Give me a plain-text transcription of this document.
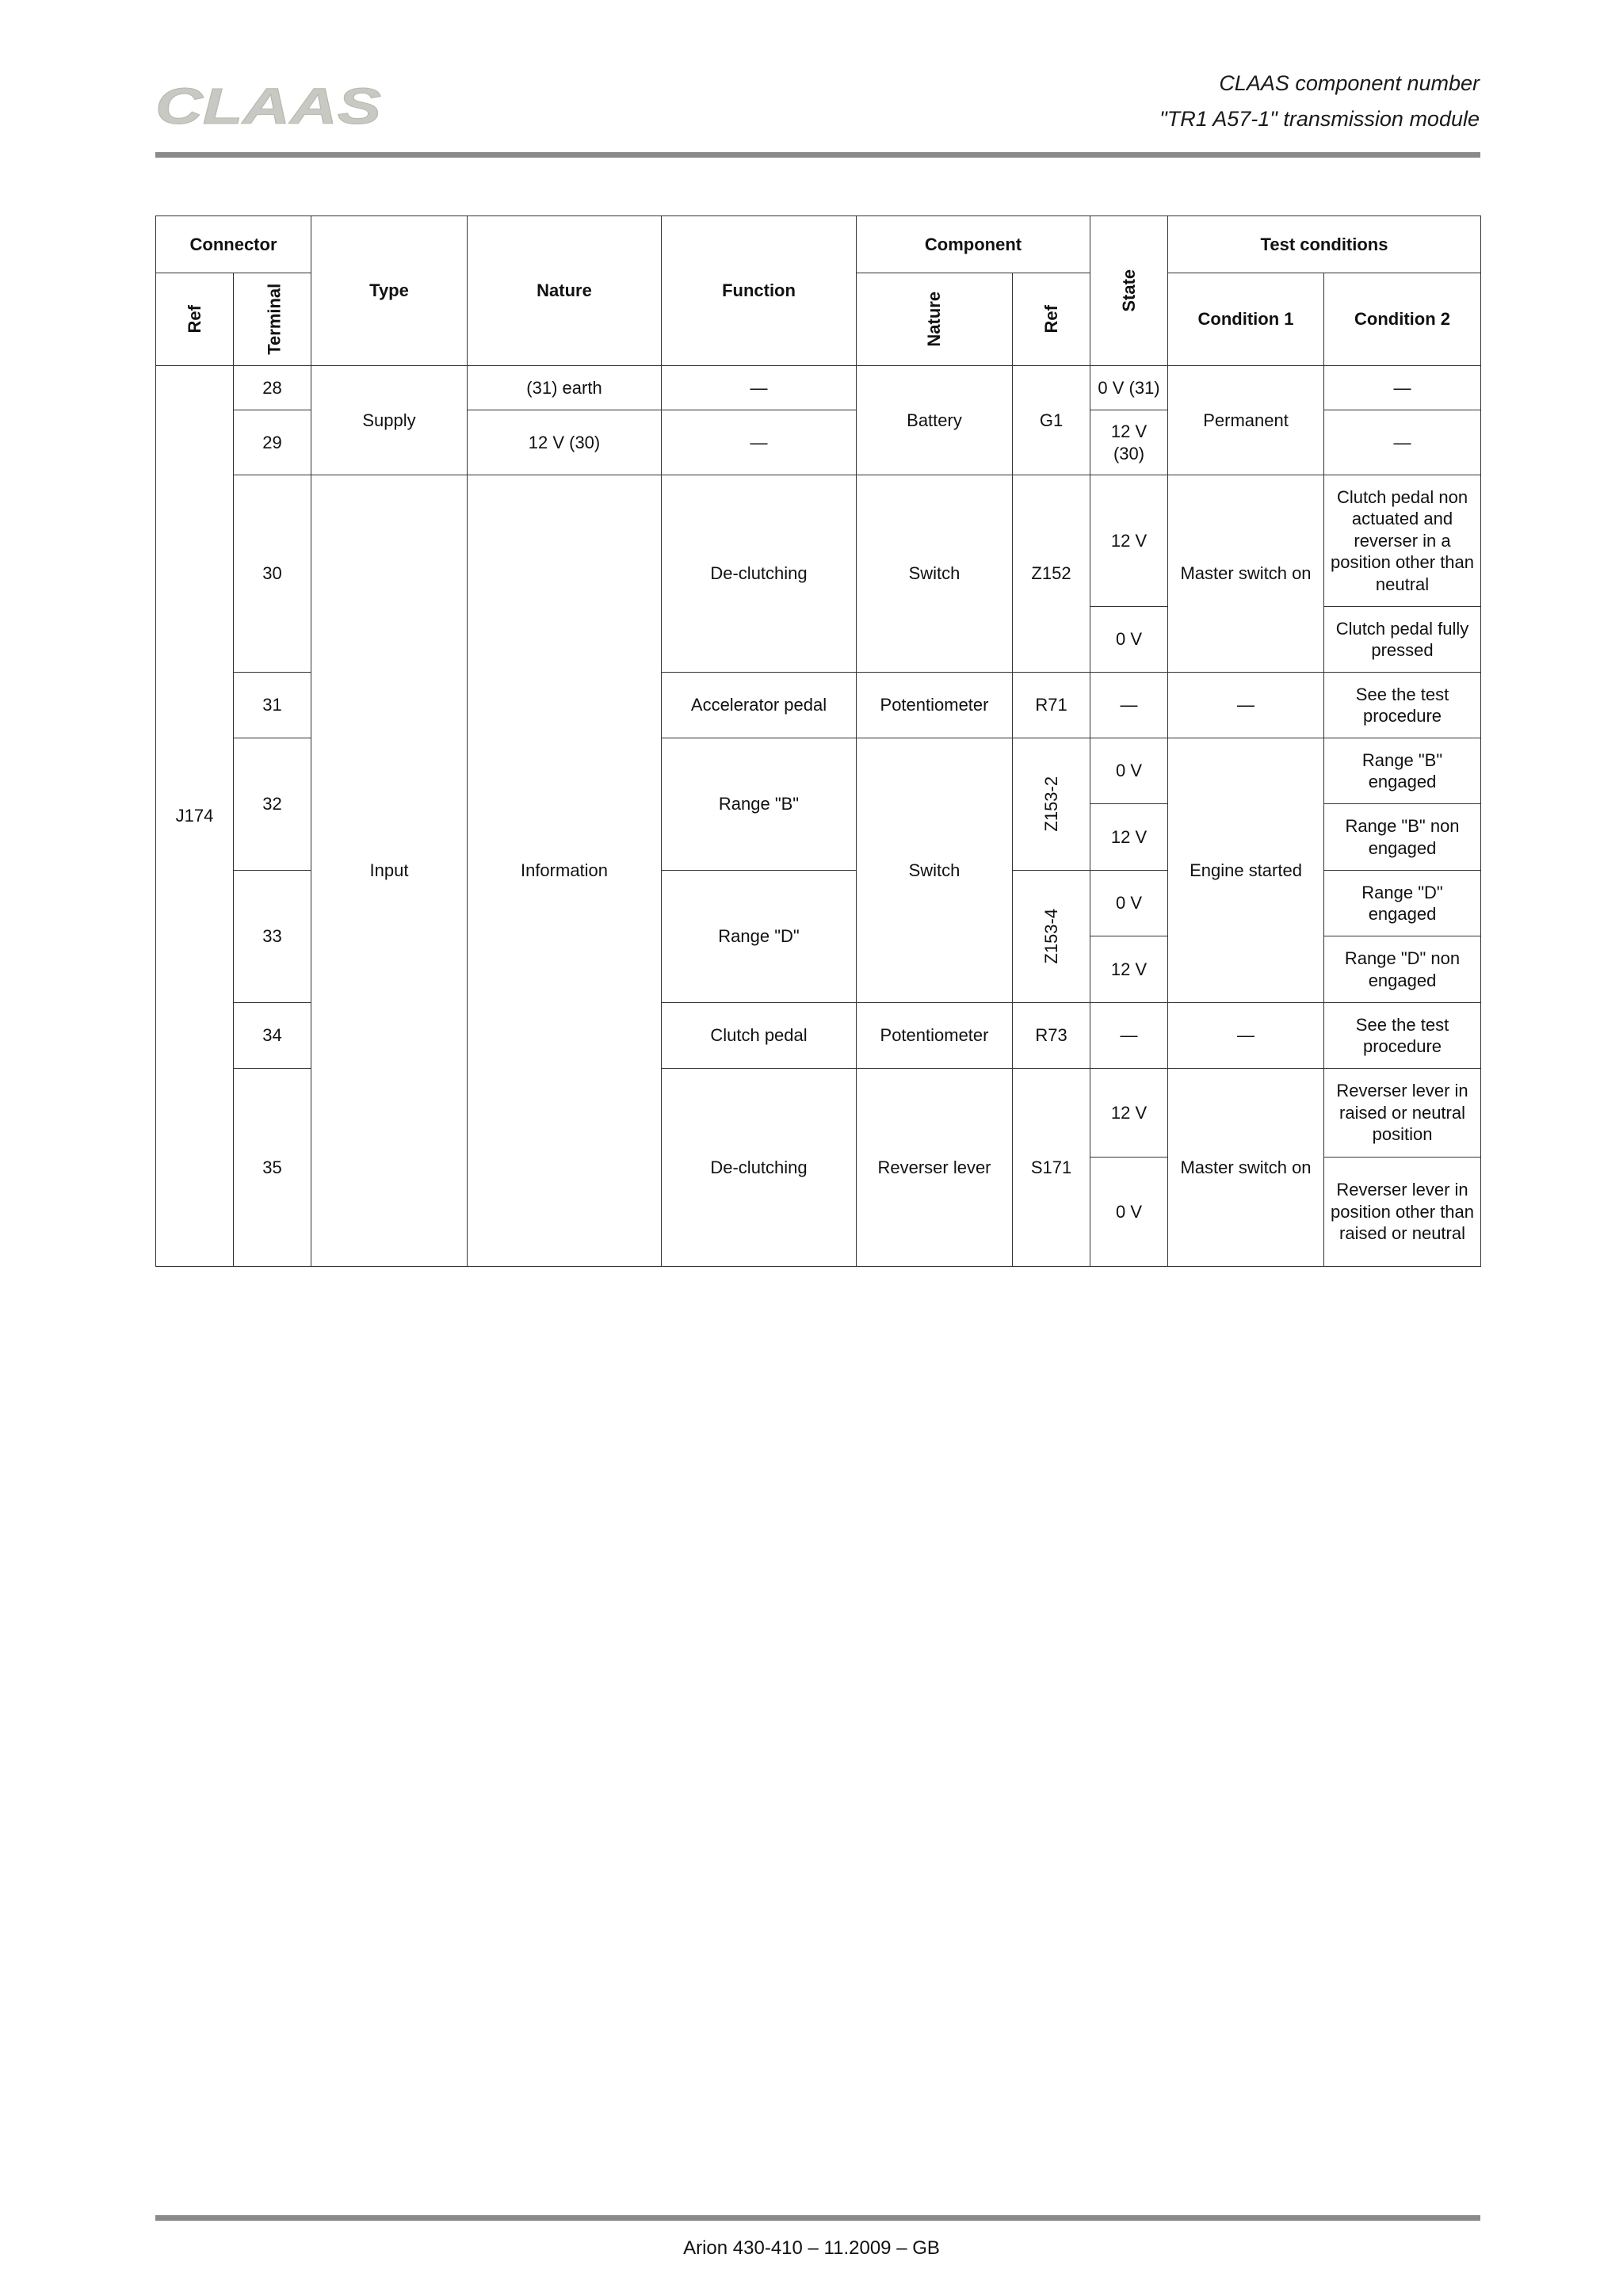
CLAAS	CLAAS component number
"TR1 A57-1" transmission module
Connector		Type	Nature	Function	Component		State	Test conditions	
Ref	Terminal				Nature	Ref		Condition 1	Condition 2
J174	28	Supply	(31) earth	—	Battery	G1	0 V (31)	Permanent	—
	29		12 V (30)	—			12 V (30)		—
	30	Input	Information	De-clutching	Switch	Z152	12 V	Master switch on	Clutch pedal non actuated and reverser in a position other than neutral
							0 V		Clutch pedal fully pressed
	31			Accelerator pedal	Potentiometer	R71	—	—	See the test procedure
	32			Range "B"	Switch	Z153-2	0 V	Engine started	Range "B" engaged
							12 V		Range "B" non engaged
	33			Range "D"		Z153-4	0 V		Range "D" engaged
							12 V		Range "D" non engaged
	34			Clutch pedal	Potentiometer	R73	—	—	See the test procedure
	35			De-clutching	Reverser lever	S171	12 V	Master switch on	Reverser lever in raised or neutral position
							0 V		Reverser lever in position other than raised or neutral
Arion 430-410 – 11.2009 – GB
